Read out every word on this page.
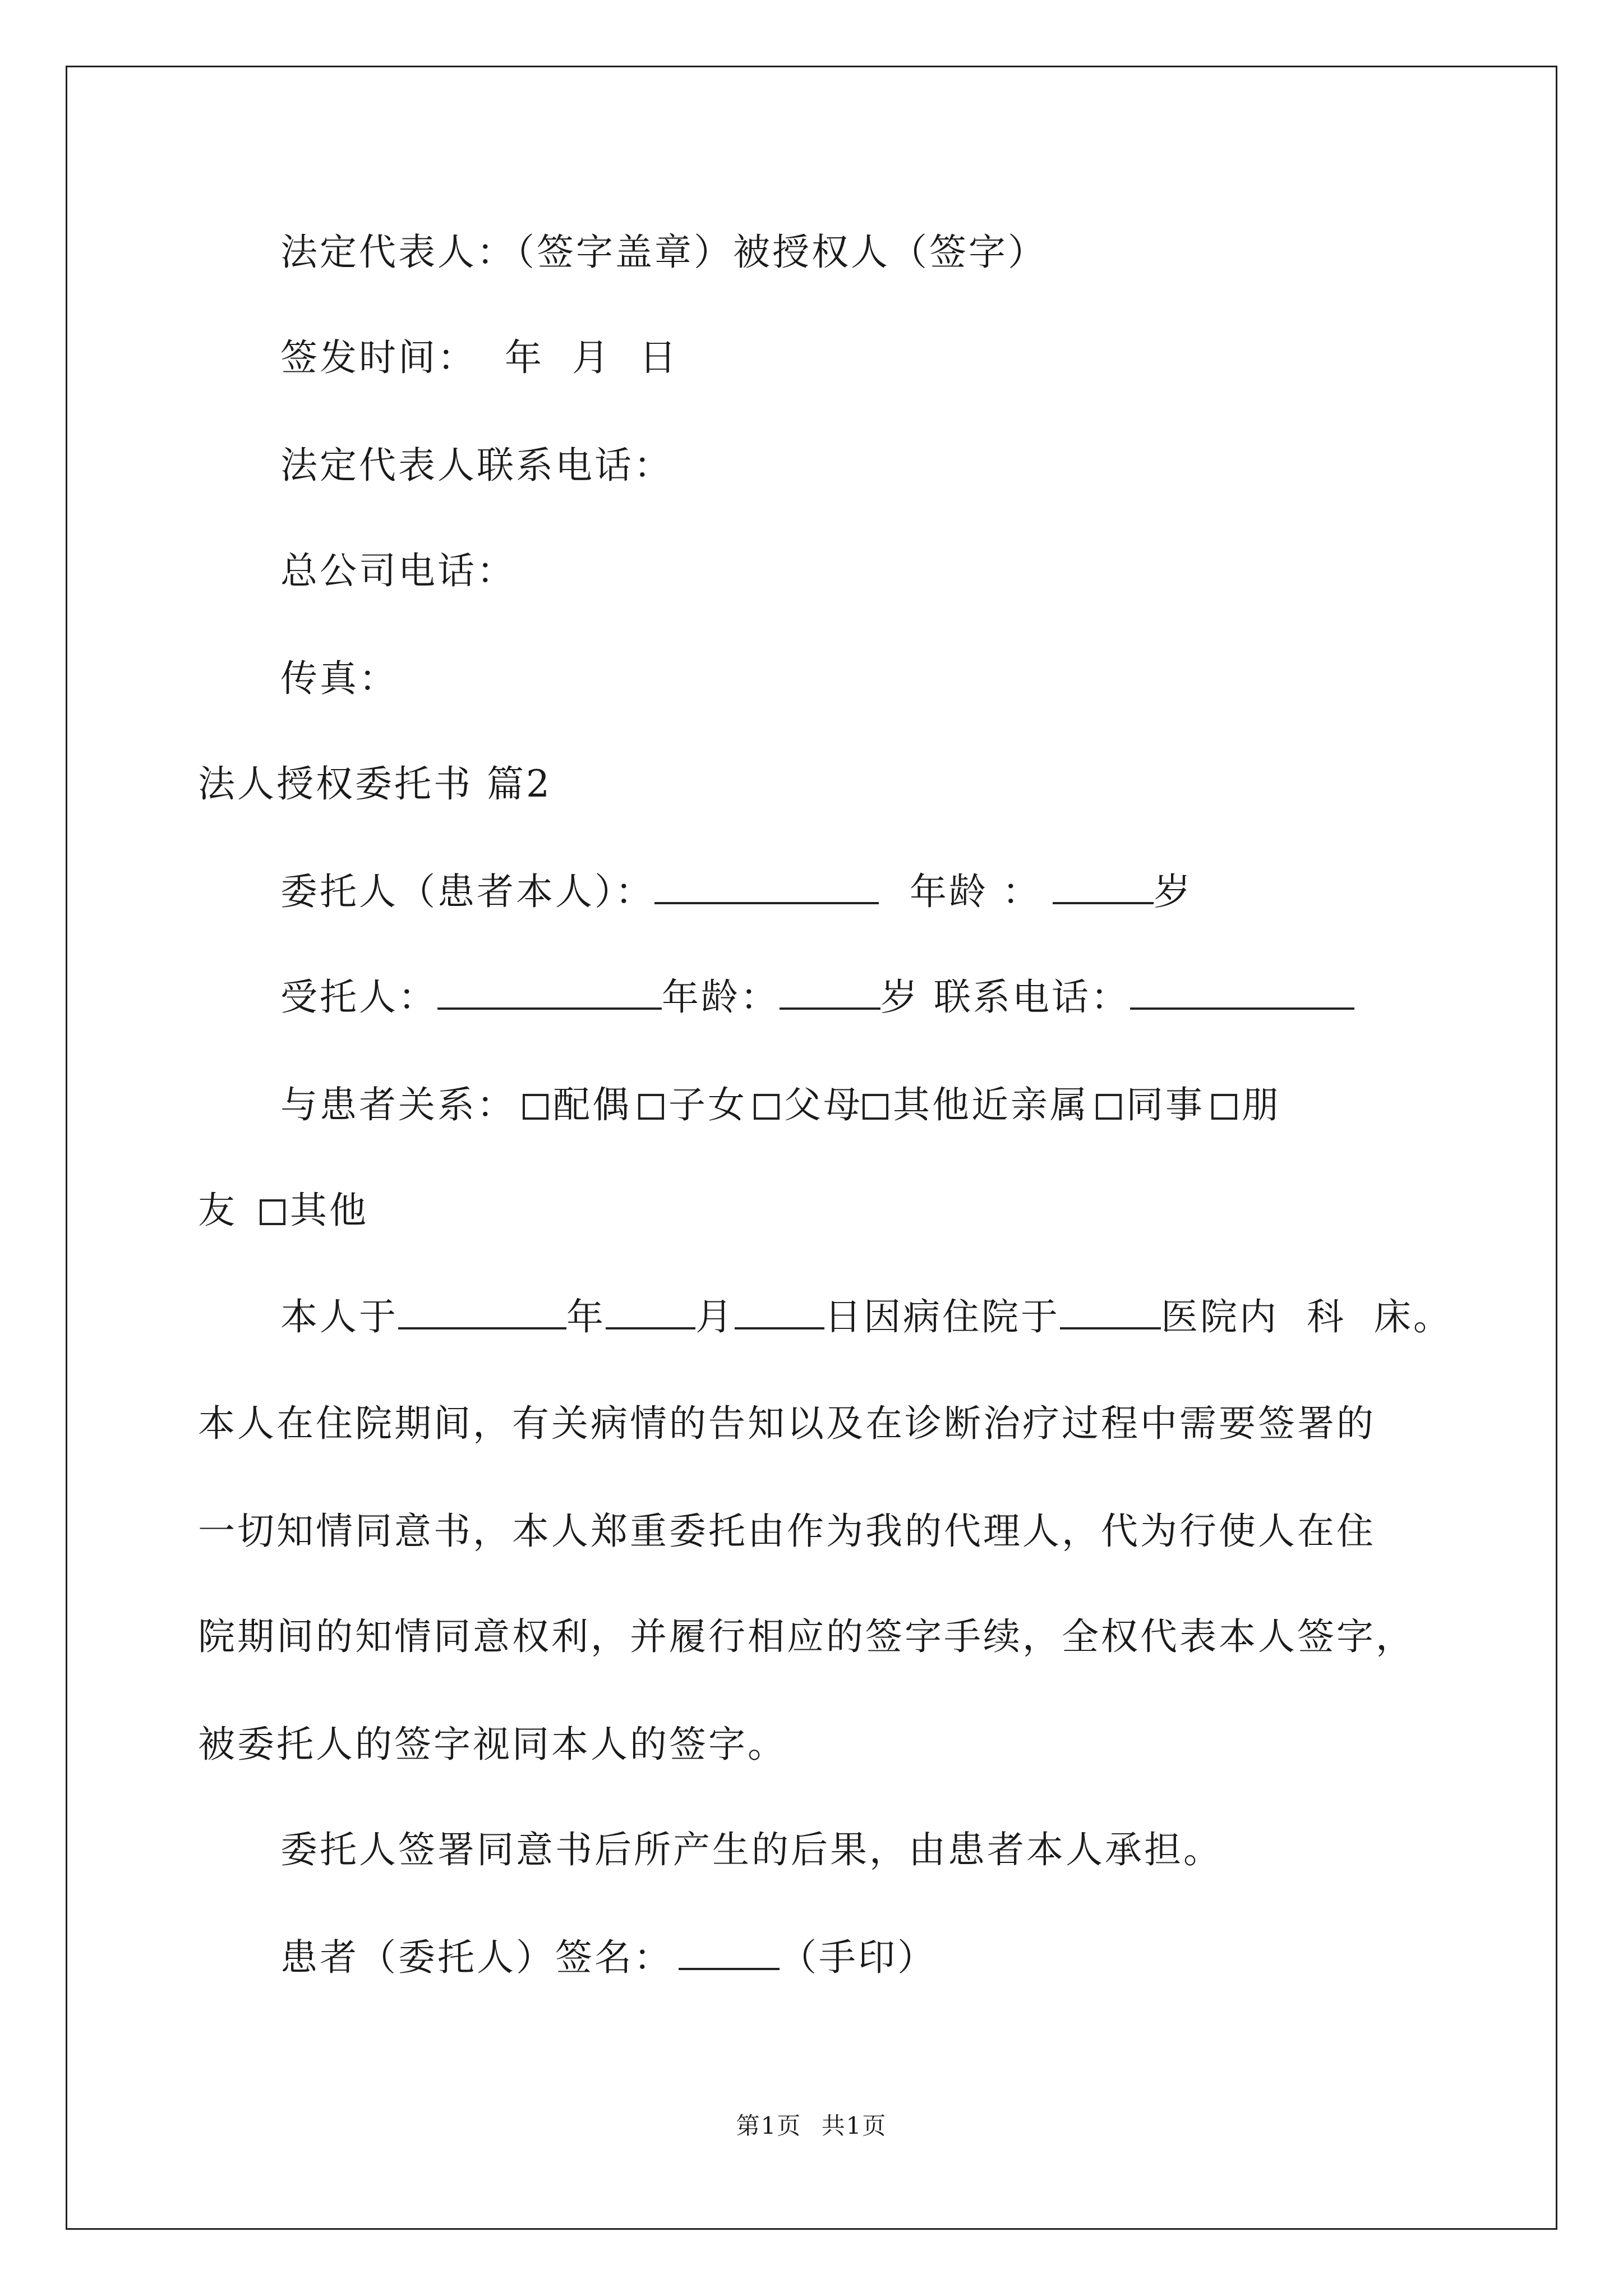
法定代表人：（签字盖章）被授权人（签字）

签发时间：  年  月  日

法定代表人联系电话：

总公司电话：

传真：

法人授权委托书 篇2

委托人（患者本人）：	年龄 ：	岁

受托人：	年龄：	岁 联系电话：

与患者关系： 配偶 子女 父母 其他近亲属 同事 朋

友 其他

本人于	年 月 日因病住院于	医院内  科  床。

本人在住院期间，有关病情的告知以及在诊断治疗过程中需要签署的

一切知情同意书，本人郑重委托由作为我的代理人，代为行使人在住

院期间的知情同意权利，并履行相应的签字手续，全权代表本人签字，

被委托人的签字视同本人的签字。

委托人签署同意书后所产生的后果，由患者本人承担。

患者（委托人）签名：	（手印）

第1页 共1页
